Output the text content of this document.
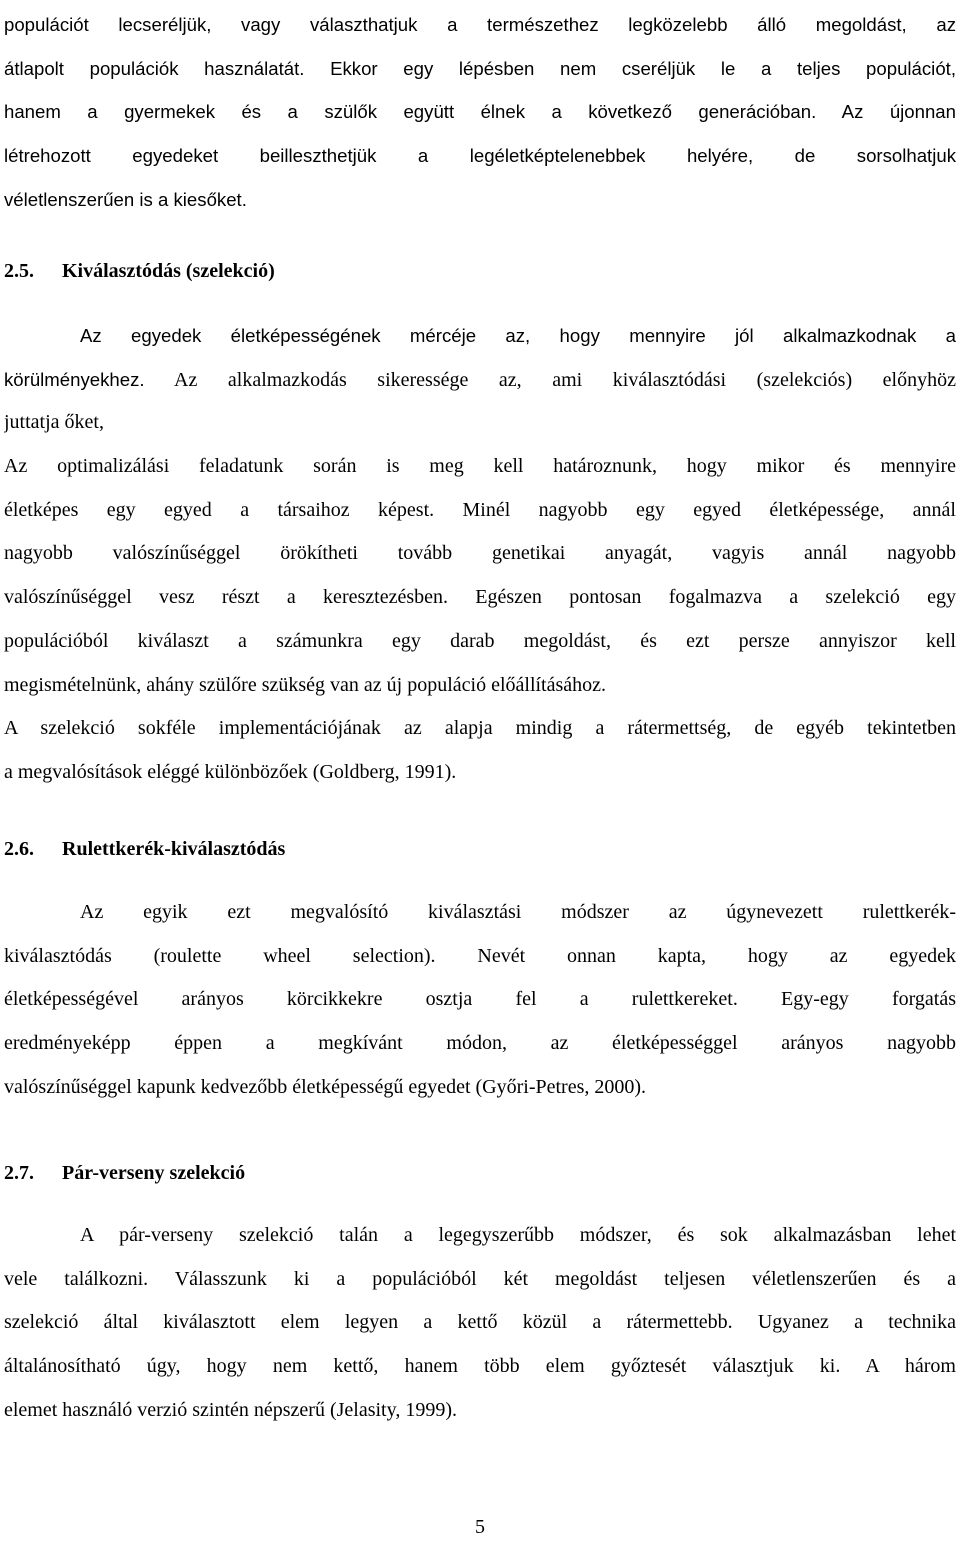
populációt lecseréljük, vagy választhatjuk a természethez legközelebb álló megoldást, az
átlapolt populációk használatát. Ekkor egy lépésben nem cseréljük le a teljes populációt,
hanem a gyermekek és a szülők együtt élnek a következő generációban. Az újonnan
létrehozott egyedeket beilleszthetjük a legéletképtelenebbek helyére, de sorsolhatjuk
véletlenszerűen is a kiesőket.
2.5. Kiválasztódás (szelekció)
Az egyedek életképességének mércéje az, hogy mennyire jól alkalmazkodnak a
körülményekhez. Az alkalmazkodás sikeressége az, ami kiválasztódási (szelekciós) előnyhöz
juttatja őket,
Az optimalizálási feladatunk során is meg kell határoznunk, hogy mikor és mennyire
életképes egy egyed a társaihoz képest. Minél nagyobb egy egyed életképessége, annál
nagyobb valószínűséggel örökítheti tovább genetikai anyagát, vagyis annál nagyobb
valószínűséggel vesz részt a keresztezésben. Egészen pontosan fogalmazva a szelekció egy
populációból kiválaszt a számunkra egy darab megoldást, és ezt persze annyiszor kell
megismételnünk, ahány szülőre szükség van az új populáció előállításához.
A szelekció sokféle implementációjának az alapja mindig a rátermettség, de egyéb tekintetben
a megvalósítások eléggé különbözőek (Goldberg, 1991).
2.6. Rulettkerék-kiválasztódás
Az egyik ezt megvalósító kiválasztási módszer az úgynevezett rulettkerék-
kiválasztódás (roulette wheel selection). Nevét onnan kapta, hogy az egyedek
életképességével arányos körcikkekre osztja fel a rulettkereket. Egy-egy forgatás
eredményeképp éppen a megkívánt módon, az életképességgel arányos nagyobb
valószínűséggel kapunk kedvezőbb életképességű egyedet (Győri-Petres, 2000).
2.7. Pár-verseny szelekció
A pár-verseny szelekció talán a legegyszerűbb módszer, és sok alkalmazásban lehet
vele találkozni. Válasszunk ki a populációból két megoldást teljesen véletlenszerűen és a
szelekció által kiválasztott elem legyen a kettő közül a rátermettebb. Ugyanez a technika
általánosítható úgy, hogy nem kettő, hanem több elem győztesét választjuk ki. A három
elemet használó verzió szintén népszerű (Jelasity, 1999).
5
